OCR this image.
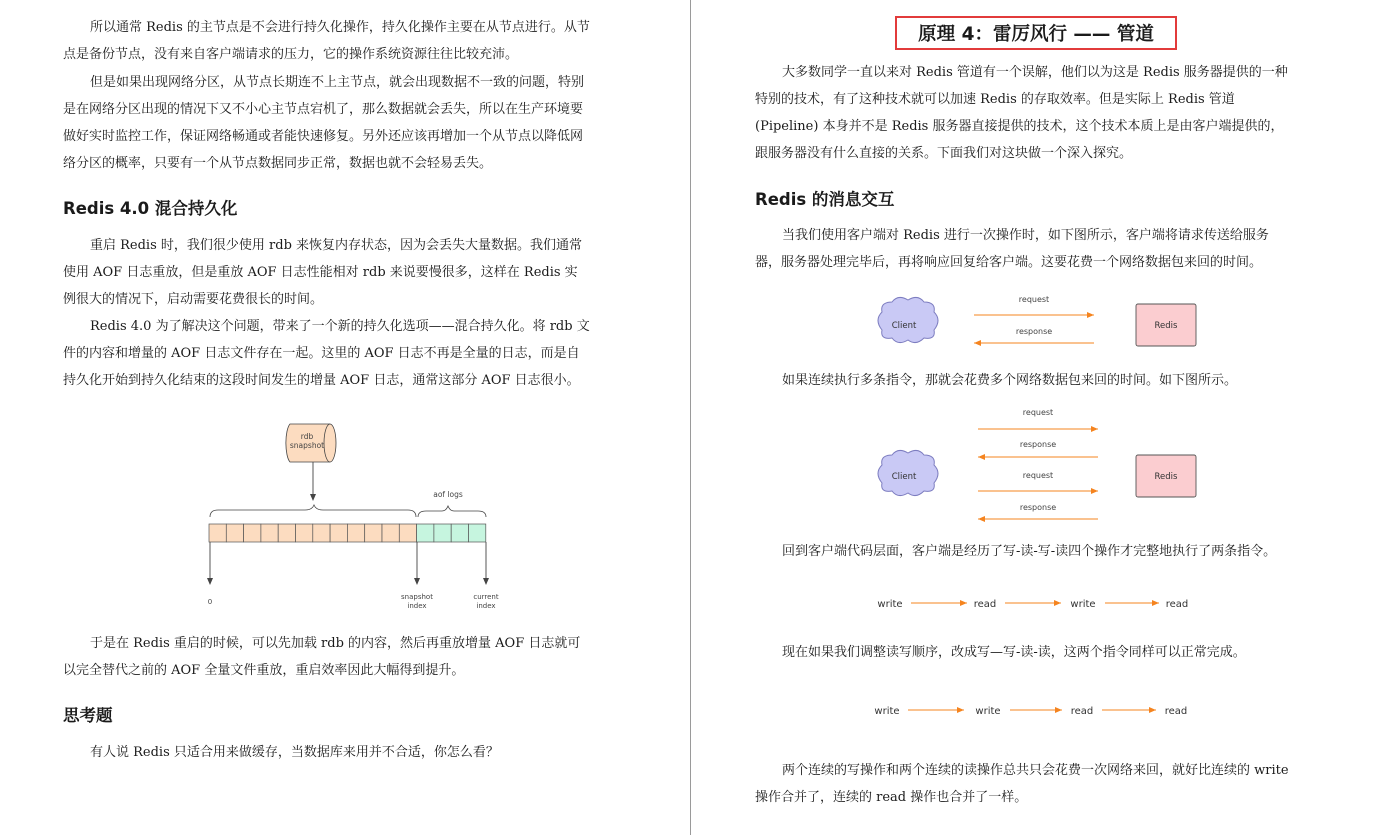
所以通常 Redis 的主节点是不会进行持久化操作，持久化操作主要在从节点进行。从节
点是备份节点，没有来自客户端请求的压力，它的操作系统资源往往比较充沛。
但是如果出现网络分区，从节点长期连不上主节点，就会出现数据不一致的问题，特别
是在网络分区出现的情况下又不小心主节点宕机了，那么数据就会丢失，所以在生产环境要
做好实时监控工作，保证网络畅通或者能快速修复。另外还应该再增加一个从节点以降低网
络分区的概率，只要有一个从节点数据同步正常，数据也就不会轻易丢失。
Redis 4.0 混合持久化
重启 Redis 时，我们很少使用 rdb 来恢复内存状态，因为会丢失大量数据。我们通常
使用 AOF 日志重放，但是重放 AOF 日志性能相对 rdb 来说要慢很多，这样在 Redis 实
例很大的情况下，启动需要花费很长的时间。
Redis 4.0 为了解决这个问题，带来了一个新的持久化选项——混合持久化。将 rdb 文
件的内容和增量的 AOF 日志文件存在一起。这里的 AOF 日志不再是全量的日志，而是自
持久化开始到持久化结束的这段时间发生的增量 AOF 日志，通常这部分 AOF 日志很小。
rdb
snapshot
aof logs
0
snapshot
index
current
index
于是在 Redis 重启的时候，可以先加载 rdb 的内容，然后再重放增量 AOF 日志就可
以完全替代之前的 AOF 全量文件重放，重启效率因此大幅得到提升。
思考题
有人说 Redis 只适合用来做缓存，当数据库来用并不合适，你怎么看？
原理 4：雷厉风行 —— 管道
大多数同学一直以来对 Redis 管道有一个误解，他们以为这是 Redis 服务器提供的一种
特别的技术，有了这种技术就可以加速 Redis 的存取效率。但是实际上 Redis 管道
(Pipeline) 本身并不是 Redis 服务器直接提供的技术，这个技术本质上是由客户端提供的，
跟服务器没有什么直接的关系。下面我们对这块做一个深入探究。
Redis 的消息交互
当我们使用客户端对 Redis 进行一次操作时，如下图所示，客户端将请求传送给服务
器，服务器处理完毕后，再将响应回复给客户端。这要花费一个网络数据包来回的时间。
Client
request
response
Redis
如果连续执行多条指令，那就会花费多个网络数据包来回的时间。如下图所示。
Client
request
response
request
response
Redis
回到客户端代码层面，客户端是经历了写-读-写-读四个操作才完整地执行了两条指令。
write	read	write	read
现在如果我们调整读写顺序，改成写—写-读-读，这两个指令同样可以正常完成。
write	write	read	read
两个连续的写操作和两个连续的读操作总共只会花费一次网络来回，就好比连续的 write
操作合并了，连续的 read 操作也合并了一样。
